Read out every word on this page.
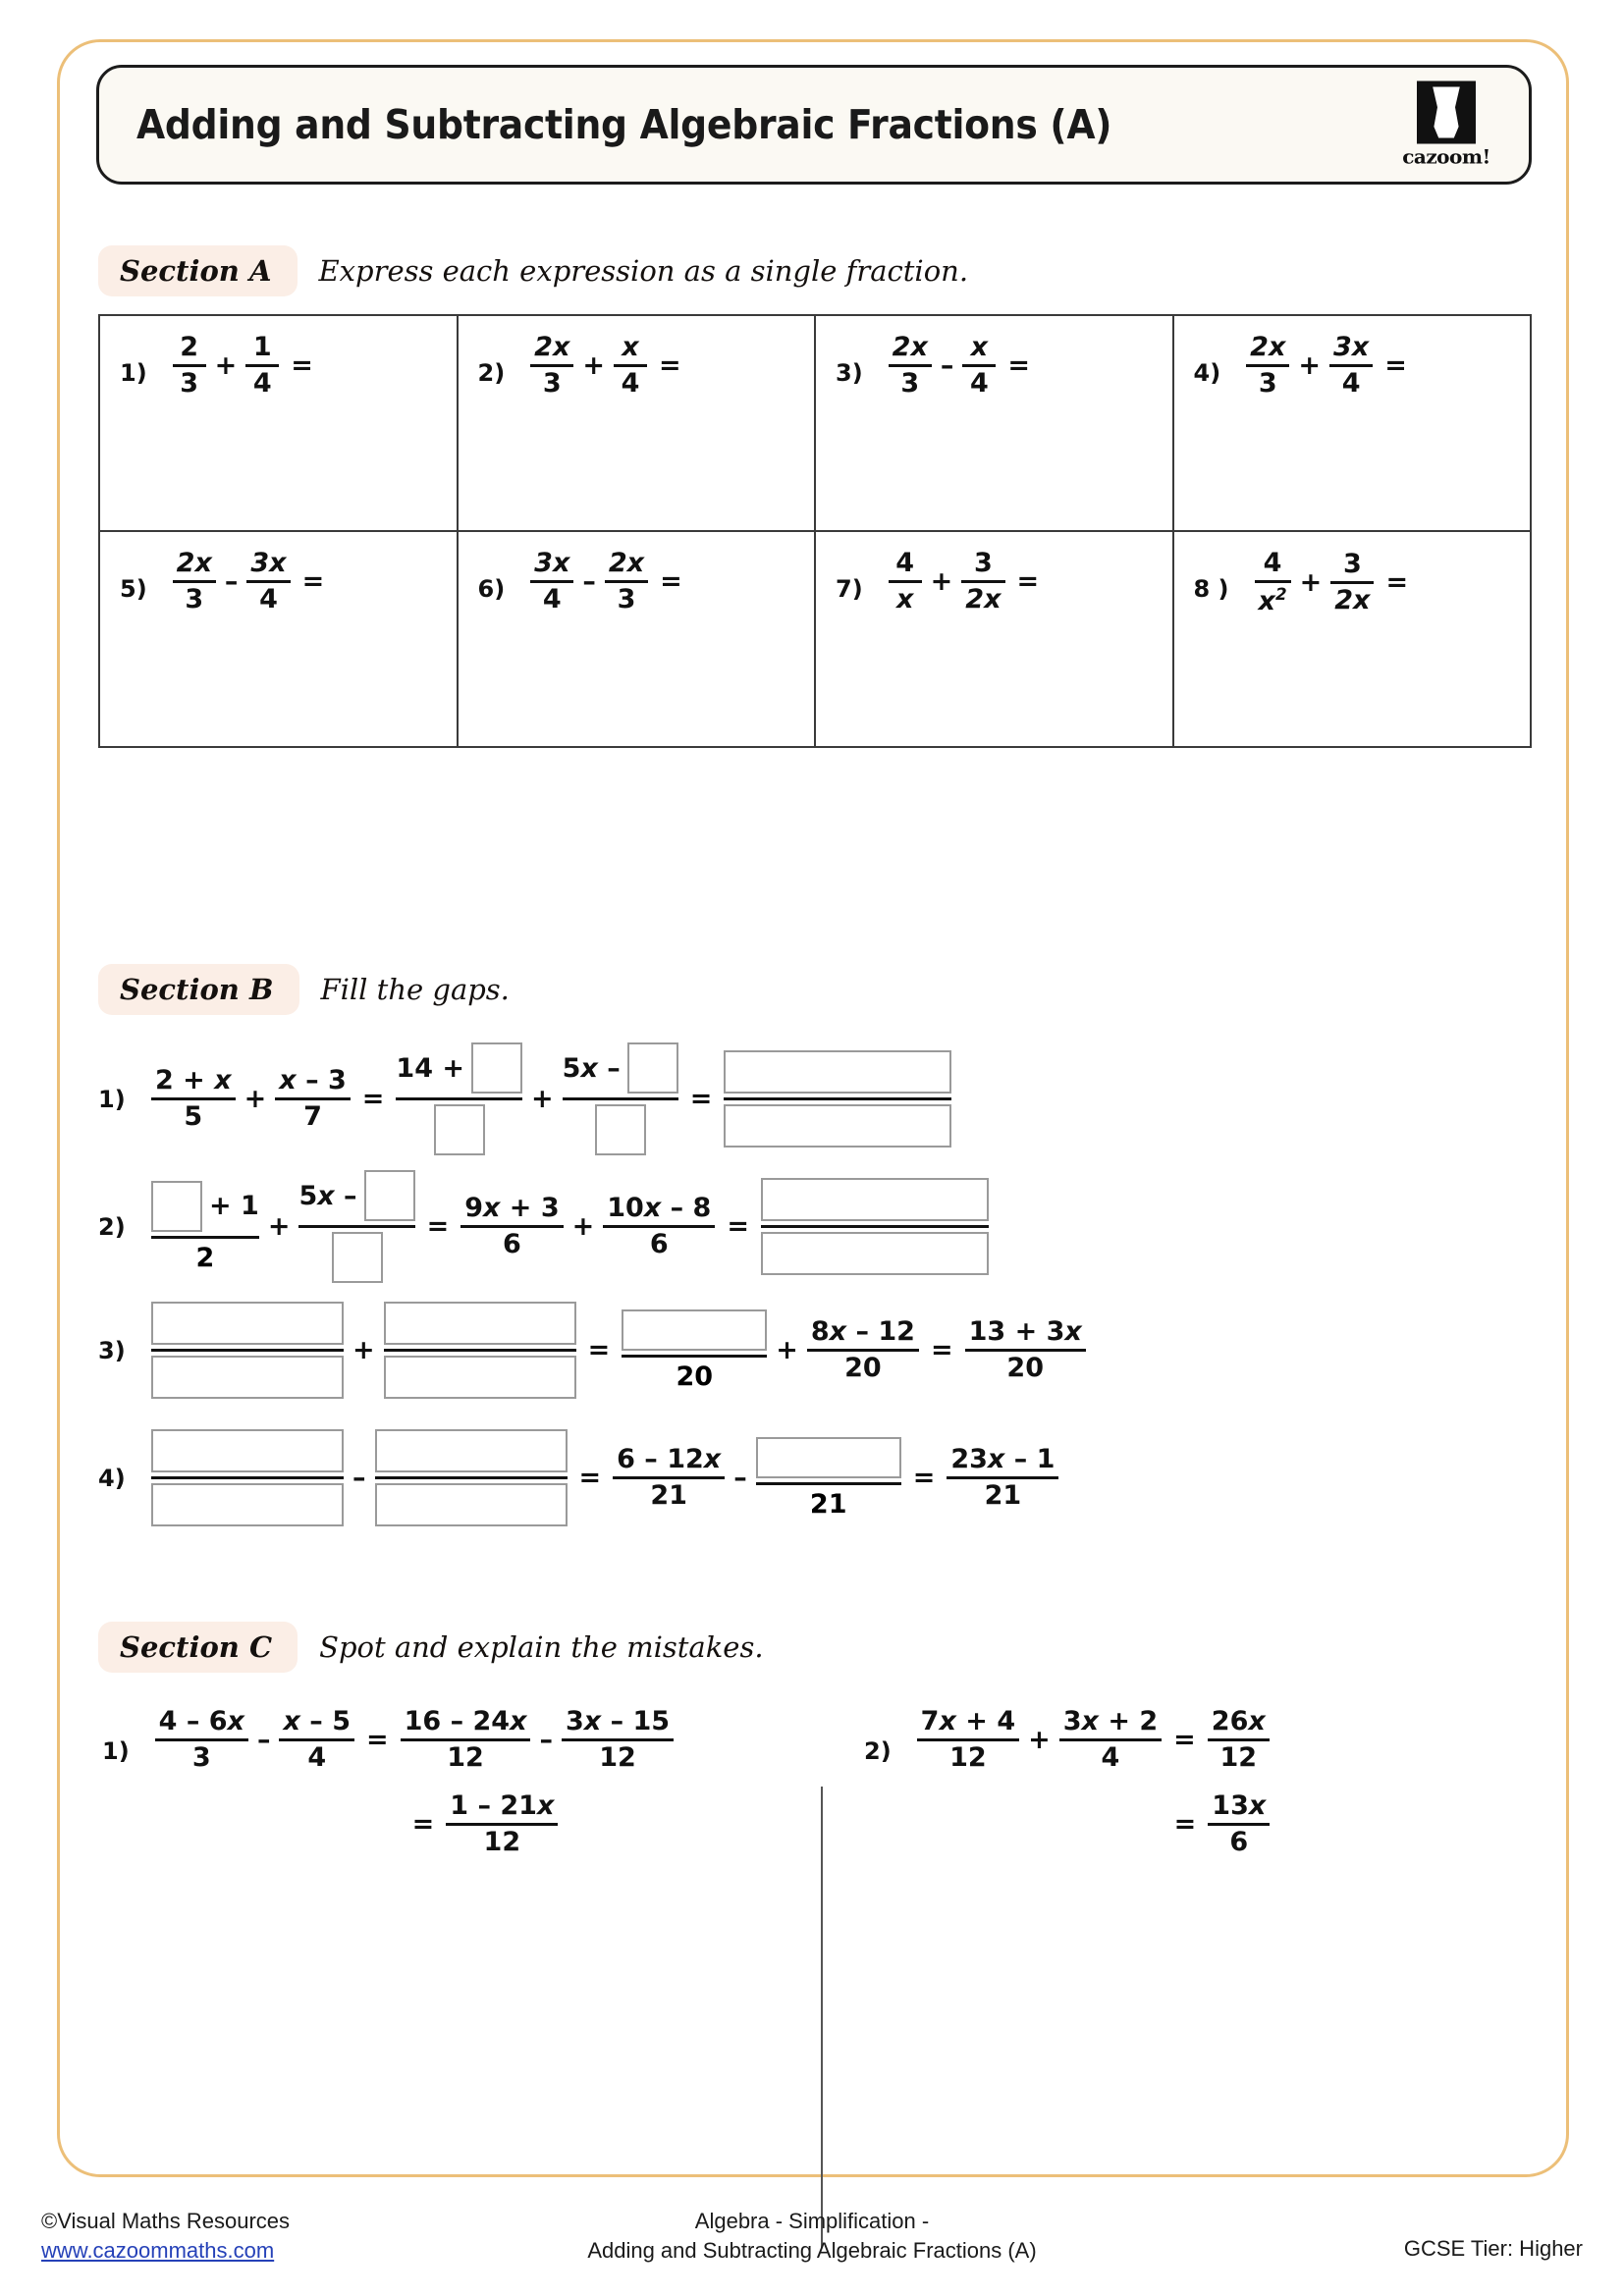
Adding and Subtracting Algebraic Fractions (A)
cazoom!
Section A	Express each expression as a single fraction.
$1) \frac{2}{3} + \frac{1}{4}$ =	$2) \frac{2x}{3} + \frac{x}{4}$ =	$3) \frac{2x}{3} - \frac{x}{4}$ =	$4) \frac{2x}{3} + \frac{3x}{4}$ =

$5) \frac{2x}{3} - \frac{3x}{4}$ =	$6) \frac{3x}{4} - \frac{2x}{3}$ =	$7) \frac{4}{x} + \frac{3}{2x}$ =	8 ) $\frac{4}{x^2} + \frac{3}{2x}$ =
Section B	Fill the gaps.
$1) \frac{2 + x}{5} + \frac{x - 3}{7}$ =
14 +
+
5x –
=
2)
+ 1
2
+
5x –
= $\frac{9x + 3}{6} + \frac{10x - 8}{6}$ =
3)	+	=
20
+ $\frac{8x - 12}{20} = \frac{13 + 3x}{20}$
4)	–	= $\frac{6 - 12x}{21}$ –
21
= $\frac{23x - 1}{21}$
Section C	Spot and explain the mistakes.
$1) \frac{4 - 6x}{3} - \frac{x - 5}{4} = \frac{16 - 24x}{12} - \frac{3x - 15}{12}$
= $\frac{1 - 21x}{12}$
$2) \frac{7x + 4}{12} + \frac{3x + 2}{4} = \frac{26x}{12}$
= $\frac{13x}{6}$
©Visual Maths Resources
www.cazoommaths.com
Algebra - Simplification -
Adding and Subtracting Algebraic Fractions (A)	GCSE Tier: Higher
